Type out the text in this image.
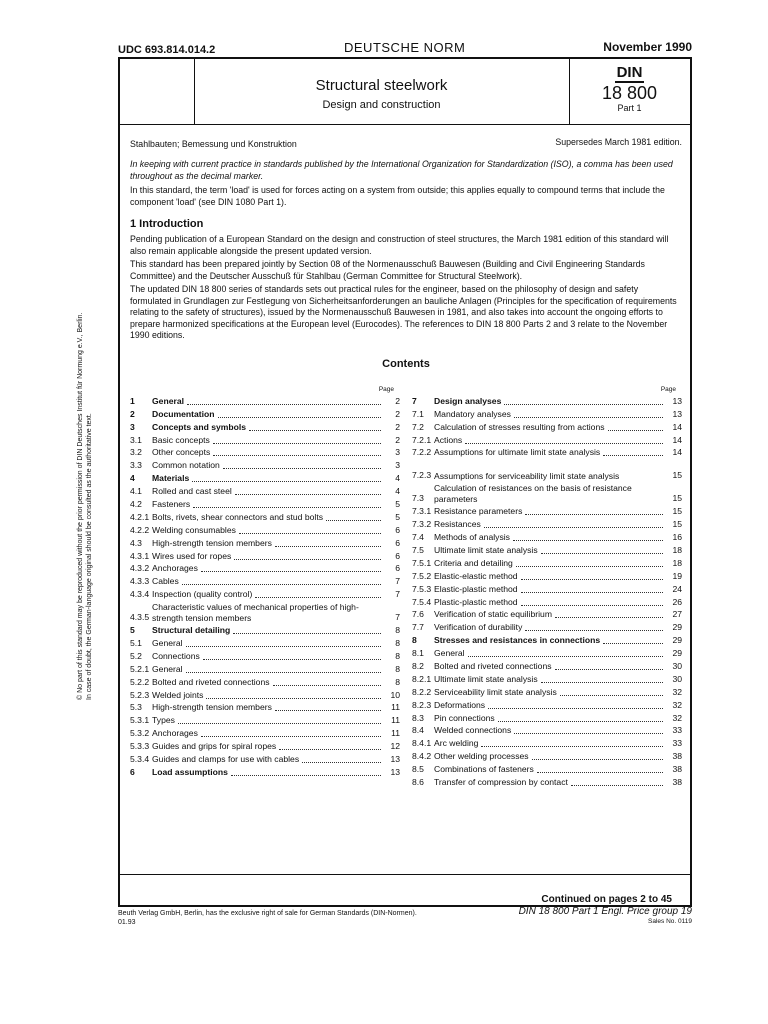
UDC 693.814.014.2	DEUTSCHE NORM	November 1990
Structural steelwork
Design and construction
DIN
18 800
Part 1
Stahlbauten; Bemessung und Konstruktion	Supersedes March 1981 edition.
In keeping with current practice in standards published by the International Organization for Standardization (ISO), a comma has been used throughout as the decimal marker.
In this standard, the term 'load' is used for forces acting on a system from outside; this applies equally to compound terms that include the component 'load' (see DIN 1080 Part 1).
1 Introduction
Pending publication of a European Standard on the design and construction of steel structures, the March 1981 edition of this standard will also remain applicable alongside the present updated version.
This standard has been prepared jointly by Section 08 of the Normenausschuß Bauwesen (Building and Civil Engineering Standards Committee) and the Deutscher Ausschuß für Stahlbau (German Committee for Structural Steelwork).
The updated DIN 18 800 series of standards sets out practical rules for the engineer, based on the philosophy of design and safety formulated in Grundlagen zur Festlegung von Sicherheitsanforderungen an bauliche Anlagen (Principles for the specification of requirements relating to the safety of structures), issued by the Normenausschuß Bauwesen in 1981, and also takes into account the ongoing efforts to prepare harmonized specifications at the European level (Eurocodes). The references to DIN 18 800 Parts 2 and 3 relate to the November 1990 editions.
Contents
Page
1	General	2
2	Documentation	2
3	Concepts and symbols	2
3.1	Basic concepts	2
3.2	Other concepts	3
3.3	Common notation	3
4	Materials	4
4.1	Rolled and cast steel	4
4.2	Fasteners	5
4.2.1 Bolts, rivets, shear connectors and stud bolts	5
4.2.2 Welding consumables	6
4.3	High-strength tension members	6
4.3.1 Wires used for ropes	6
4.3.2 Anchorages	6
4.3.3 Cables	7
4.3.4 Inspection (quality control)	7
4.3.5
Characteristic values of mechanical properties of high-strength tension members	7
5	Structural detailing	8
5.1	General	8
5.2	Connections	8
5.2.1 General	8
5.2.2 Bolted and riveted connections	8
5.2.3 Welded joints	10
5.3	High-strength tension members	11
5.3.1 Types	11
5.3.2 Anchorages	11
5.3.3 Guides and grips for spiral ropes	12
5.3.4 Guides and clamps for use with cables	13
6	Load assumptions	13
Page
7	Design analyses	13
7.1	Mandatory analyses	13
7.2	Calculation of stresses resulting from actions	14
7.2.1 Actions	14
7.2.2 Assumptions for ultimate limit state analysis	14
7.2.3 Assumptions for serviceability limit state analysis	15
7.3
Calculation of resistances on the basis of resistance parameters	15
7.3.1 Resistance parameters	15
7.3.2 Resistances	15
7.4	Methods of analysis	16
7.5	Ultimate limit state analysis	18
7.5.1 Criteria and detailing	18
7.5.2 Elastic-elastic method	19
7.5.3 Elastic-plastic method	24
7.5.4 Plastic-plastic method	26
7.6	Verification of static equilibrium	27
7.7	Verification of durability	29
8	Stresses and resistances in connections	29
8.1	General	29
8.2	Bolted and riveted connections	30
8.2.1 Ultimate limit state analysis	30
8.2.2 Serviceability limit state analysis	32
8.2.3 Deformations	32
8.3	Pin connections	32
8.4	Welded connections	33
8.4.1 Arc welding	33
8.4.2 Other welding processes	38
8.5	Combinations of fasteners	38
8.6	Transfer of compression by contact	38
Continued on pages 2 to 45
Beuth Verlag GmbH, Berlin, has the exclusive right of sale for German Standards (DIN-Normen).
01.93
DIN 18 800 Part 1 Engl. Price group 19
Sales No. 0119
© No part of this standard may be reproduced without the prior permission of DIN Deutsches Institut für Normung e.V., Berlin. In case of doubt, the German-language original should be consulted as the authoritative text.
